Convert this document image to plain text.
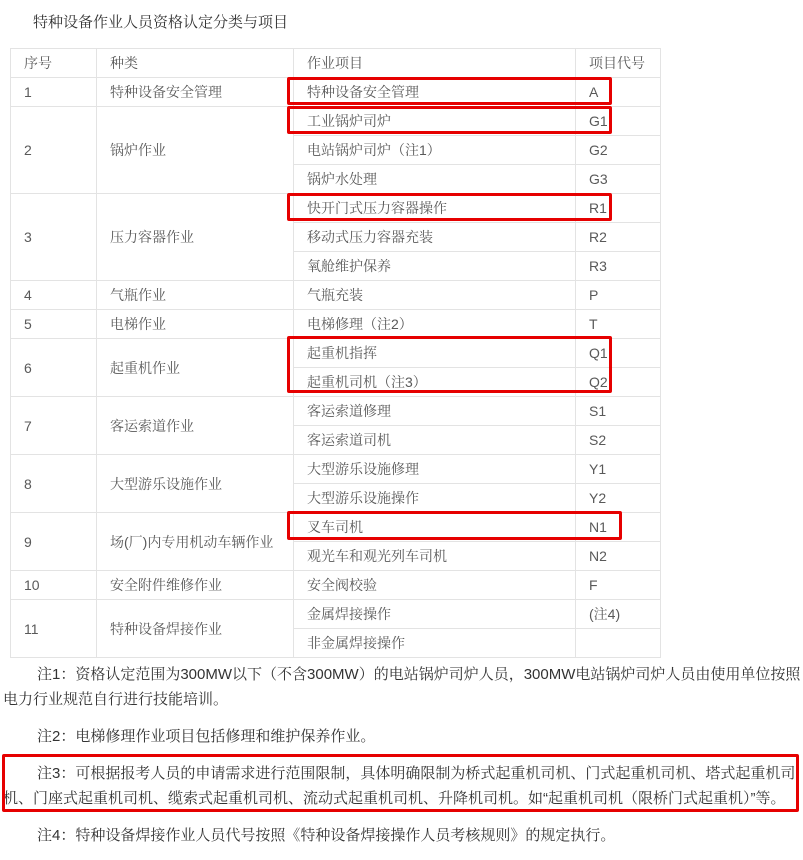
特种设备作业人员资格认定分类与项目
序号	种类	作业项目	项目代号
1	特种设备安全管理	特种设备安全管理	A
2	锅炉作业	工业锅炉司炉	G1
		电站锅炉司炉（注1）	G2
		锅炉水处理	G3
3	压力容器作业	快开门式压力容器操作	R1
		移动式压力容器充装	R2
		氧舱维护保养	R3
4	气瓶作业	气瓶充装	P
5	电梯作业	电梯修理（注2）	T
6	起重机作业	起重机指挥	Q1
		起重机司机（注3）	Q2
7	客运索道作业	客运索道修理	S1
		客运索道司机	S2
8	大型游乐设施作业	大型游乐设施修理	Y1
		大型游乐设施操作	Y2
9	场(厂)内专用机动车辆作业	叉车司机	N1
		观光车和观光列车司机	N2
10	安全附件维修作业	安全阀校验	F
11	特种设备焊接作业	金属焊接操作	(注4)
		非金属焊接操作	

注1：资格认定范围为300MW以下（不含300MW）的电站锅炉司炉人员，300MW电站锅炉司炉人员由使用单位按照电力行业规范自行进行技能培训。

注2：电梯修理作业项目包括修理和维护保养作业。

注3：可根据报考人员的申请需求进行范围限制，具体明确限制为桥式起重机司机、门式起重机司机、塔式起重机司机、门座式起重机司机、缆索式起重机司机、流动式起重机司机、升降机司机。如“起重机司机（限桥门式起重机）”等。

注4：特种设备焊接作业人员代号按照《特种设备焊接操作人员考核规则》的规定执行。
